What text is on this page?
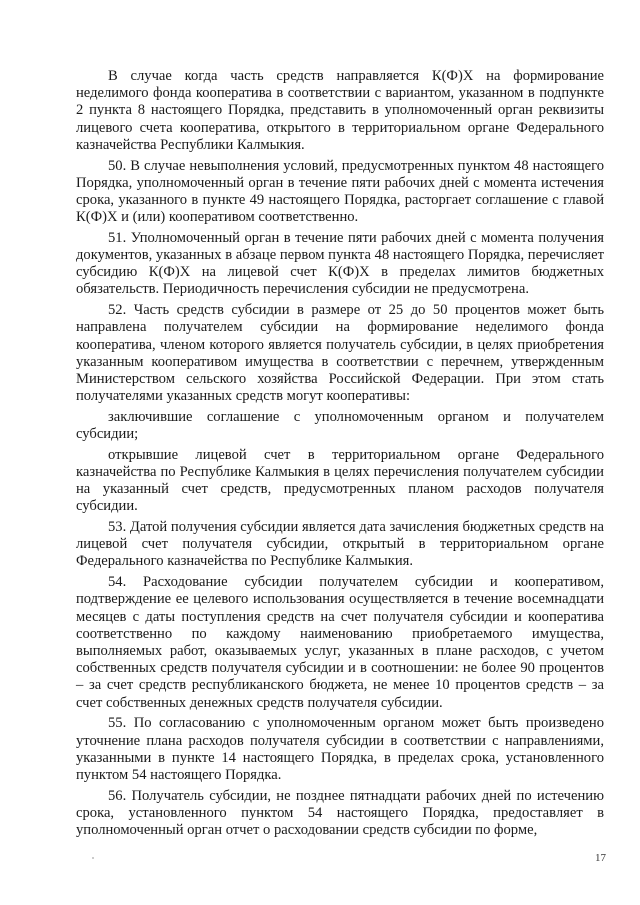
В случае когда часть средств направляется К(Ф)Х на формирование неделимого фонда кооператива в соответствии с вариантом, указанном в подпункте 2 пункта 8 настоящего Порядка, представить в уполномоченный орган реквизиты лицевого счета кооператива, открытого в территориальном органе Федерального казначейства Республики Калмыкия.

50. В случае невыполнения условий, предусмотренных пунктом 48 настоящего Порядка, уполномоченный орган в течение пяти рабочих дней с момента истечения срока, указанного в пункте 49 настоящего Порядка, расторгает соглашение с главой К(Ф)Х и (или) кооперативом соответственно.

51. Уполномоченный орган в течение пяти рабочих дней с момента получения документов, указанных в абзаце первом пункта 48 настоящего Порядка, перечисляет субсидию К(Ф)Х на лицевой счет К(Ф)Х в пределах лимитов бюджетных обязательств. Периодичность перечисления субсидии не предусмотрена.

52. Часть средств субсидии в размере от 25 до 50 процентов может быть направлена получателем субсидии на формирование неделимого фонда кооператива, членом которого является получатель субсидии, в целях приобретения указанным кооперативом имущества в соответствии с перечнем, утвержденным Министерством сельского хозяйства Российской Федерации. При этом стать получателями указанных средств могут кооперативы:

заключившие соглашение с уполномоченным органом и получателем субсидии;

открывшие лицевой счет в территориальном органе Федерального казначейства по Республике Калмыкия в целях перечисления получателем субсидии на указанный счет средств, предусмотренных планом расходов получателя субсидии.

53. Датой получения субсидии является дата зачисления бюджетных средств на лицевой счет получателя субсидии, открытый в территориальном органе Федерального казначейства по Республике Калмыкия.

54. Расходование субсидии получателем субсидии и кооперативом, подтверждение ее целевого использования осуществляется в течение восемнадцати месяцев с даты поступления средств на счет получателя субсидии и кооператива соответственно по каждому наименованию приобретаемого имущества, выполняемых работ, оказываемых услуг, указанных в плане расходов, с учетом собственных средств получателя субсидии и в соотношении: не более 90 процентов – за счет средств республиканского бюджета, не менее 10 процентов средств – за счет собственных денежных средств получателя субсидии.

55. По согласованию с уполномоченным органом может быть произведено уточнение плана расходов получателя субсидии в соответствии с направлениями, указанными в пункте 14 настоящего Порядка, в пределах срока, установленного пунктом 54 настоящего Порядка.

56. Получатель субсидии, не позднее пятнадцати рабочих дней по истечению срока, установленного пунктом 54 настоящего Порядка, предоставляет в уполномоченный орган отчет о расходовании средств субсидии по форме,

17
